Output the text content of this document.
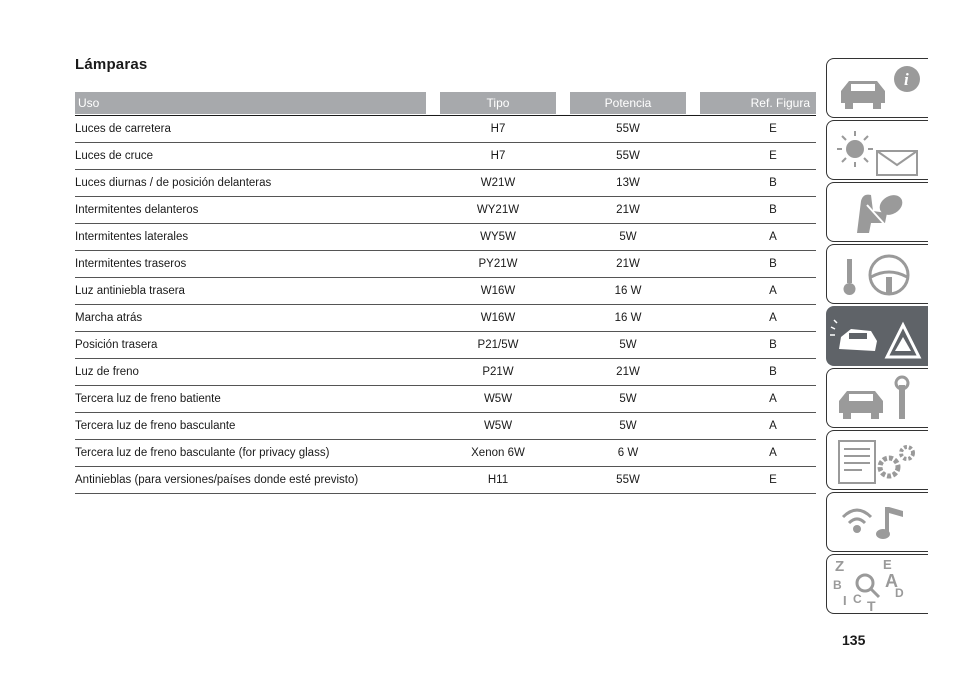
Lámparas
Uso	Tipo	Potencia	Ref. Figura
Luces de carretera	H7	55W	E
Luces de cruce	H7	55W	E
Luces diurnas / de posición delanteras	W21W	13W	B
Intermitentes delanteros	WY21W	21W	B
Intermitentes laterales	WY5W	5W	A
Intermitentes traseros	PY21W	21W	B
Luz antiniebla trasera	W16W	16 W	A
Marcha atrás	W16W	16 W	A
Posición trasera	P21/5W	5W	B
Luz de freno	P21W	21W	B
Tercera luz de freno batiente	W5W	5W	A
Tercera luz de freno basculante	W5W	5W	A
Tercera luz de freno basculante (for privacy glass)	Xenon 6W	6 W	A
Antinieblas (para versiones/países donde esté previsto)	H11	55W	E
i
Z	E
A
B
C	D
T
I
135
